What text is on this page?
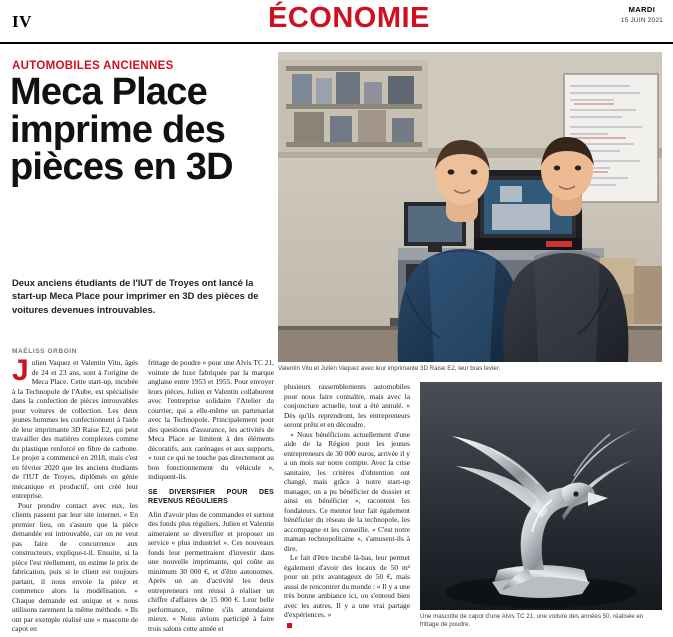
IV	ÉCONOMIE	MARDI
15 JUIN 2021
AUTOMOBILES ANCIENNES
Meca Place imprime des pièces en 3D
Deux anciens étudiants de l'IUT de Troyes ont lancé la start-up Meca Place pour imprimer en 3D des pièces de voitures devenues introuvables.
MAÉLISS ORBOIN
Valentin Vitu et Julien Vaquez avec leur imprimante 3D Raise E2, leur bras levier.

J ulien Vaquez et Valentin Vitu, âgés de 24 et 23 ans, sont à l'origine de Meca Place. Cette start-up, incubée à la Technopole de l'Aube, est spécialisée dans la confection de pièces introuvables pour voitures de collection. Les deux jeunes hommes les confectionnent à l'aide de leur imprimante 3D Raise E2, qui peut travailler des matières complexes comme du plastique renforcé en fibre de carbone. Le projet a commencé en 2018, mais c'est en février 2020 que les anciens étudiants de l'IUT de Troyes, diplômés en génie mécanique et productif, ont créé leur entreprise.

Pour prendre contact avec eux, les clients passent par leur site internet. « En premier lieu, on s'assure que la pièce demandée est introuvable, car on ne veut pas faire de concurrence aux constructeurs, explique-t-il. Ensuite, si la pièce l'est réellement, on estime le prix de fabrication, puis si le client est toujours partant, il nous envoie la pièce et commence alors la modélisation. » Chaque demande est unique et « nous utilisons rarement la même méthode. » Ils ont par exemple réalisé une « mascotte de capot en

frittage de poudre » pour une Alvis TC 21, voiture de luxe fabriquée par la marque anglaise entre 1953 et 1955. Pour envoyer leurs pièces, Julien et Valentin collaborent avec l'entreprise solidaire l'Atelier du courrier, qui a elle-même un partenariat avec la Technopole. Principalement pour des questions d'assurance, les activités de Meca Place se limitent à des éléments décoratifs, aux carénages et aux supports, « tout ce qui ne touche pas directement au bon fonctionnement du véhicule », indiquent-ils.

SE DIVERSIFIER POUR DES REVENUS RÉGULIERS

Afin d'avoir plus de commandes et surtout des fonds plus réguliers, Julien et Valentin aimeraient se diversifier et proposer un service « plus industriel ». Ces nouveaux fonds leur permettraient d'investir dans une nouvelle imprimante, qui coûte au minimum 30 000 €, et d'être autonomes. Après un an d'activité les deux entrepreneurs ont réussi à réaliser un chiffre d'affaires de 15 000 €. Leur belle performance, même s'ils attendaient mieux. « Nous avions participé à faire trois salons cette année et

plusieurs rassemblements automobiles pour nous faire connaître, mais avec la conjoncture actuelle, tout a été annulé. « Dès qu'ils reprendront, les entrepreneurs seront prêts et en découdre.

« Nous bénéficions actuellement d'une aide de la Région pour les jeunes entrepreneurs de 30 000 euros, arrivée il y a un mois sur notre compte. Avec la crise sanitaire, les critères d'obtention ont changé, mais grâce à notre start-up manager, on a pu bénéficier de dossier et ainsi en bénéficier », racontent les fondateurs. Ce mentor leur fait également bénéficier du réseau de la technopole, les accompagne et les conseille. « C'est notre maman technopolitaine », s'amusent-ils à dire.

Le fait d'être incubé là-bas, leur permet également d'avoir des locaux de 50 m² pour un prix avantageux de 50 €, mais aussi de rencontrer du monde : « Il y a une très bonne ambiance ici, on s'entend bien avec les autres. Il y a une vrai partage d'expériences. »	Une mascotte de capot d'une Alvis TC 21, une voiture des années 50, réalisée en frittage de poudre.
